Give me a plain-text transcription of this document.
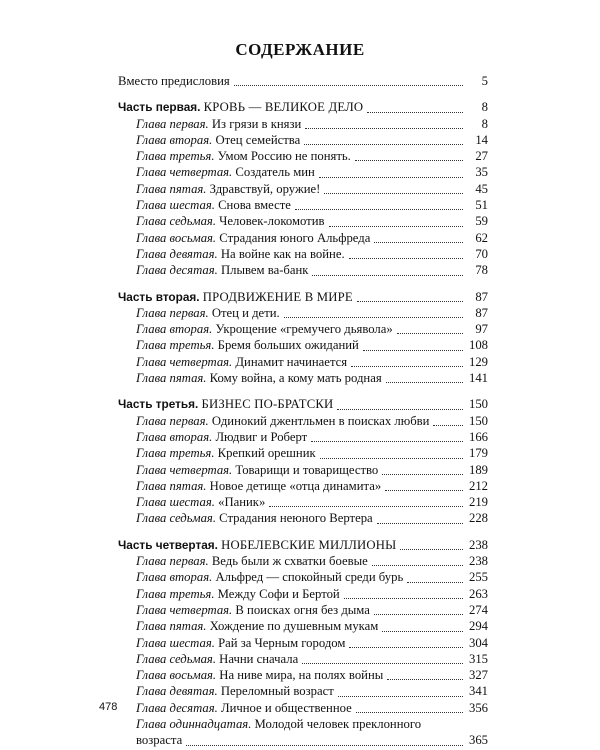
СОДЕРЖАНИЕ
Вместо предисловия	5
Часть первая. КРОВЬ — ВЕЛИКОЕ ДЕЛО	8
Глава первая. Из грязи в князи	8
Глава вторая. Отец семейства	14
Глава третья. Умом Россию не понять.	27
Глава четвертая. Создатель мин	35
Глава пятая. Здравствуй, оружие!	45
Глава шестая. Снова вместе	51
Глава седьмая. Человек-локомотив	59
Глава восьмая. Страдания юного Альфреда	62
Глава девятая. На войне как на войне.	70
Глава десятая. Плывем ва-банк	78
Часть вторая. ПРОДВИЖЕНИЕ В МИРЕ	87
Глава первая. Отец и дети.	87
Глава вторая. Укрощение «гремучего дьявола»	97
Глава третья. Бремя больших ожиданий	108
Глава четвертая. Динамит начинается	129
Глава пятая. Кому война, а кому мать родная	141
Часть третья. БИЗНЕС ПО-БРАТСКИ	150
Глава первая. Одинокий джентльмен в поисках любви	150
Глава вторая. Людвиг и Роберт	166
Глава третья. Крепкий орешник	179
Глава четвертая. Товарищи и товарищество	189
Глава пятая. Новое детище «отца динамита»	212
Глава шестая. «Паник»	219
Глава седьмая. Страдания неюного Вертера	228
Часть четвертая. НОБЕЛЕВСКИЕ МИЛЛИОНЫ	238
Глава первая. Ведь были ж схватки боевые	238
Глава вторая. Альфред — спокойный среди бурь	255
Глава третья. Между Софи и Бертой	263
Глава четвертая. В поисках огня без дыма	274
Глава пятая. Хождение по душевным мукам	294
Глава шестая. Рай за Черным городом	304
Глава седьмая. Начни сначала	315
Глава восьмая. На ниве мира, на полях войны	327
Глава девятая. Переломный возраст	341
Глава десятая. Личное и общественное	356
Глава одиннадцатая. Молодой человек преклонного
возраста	365
478
